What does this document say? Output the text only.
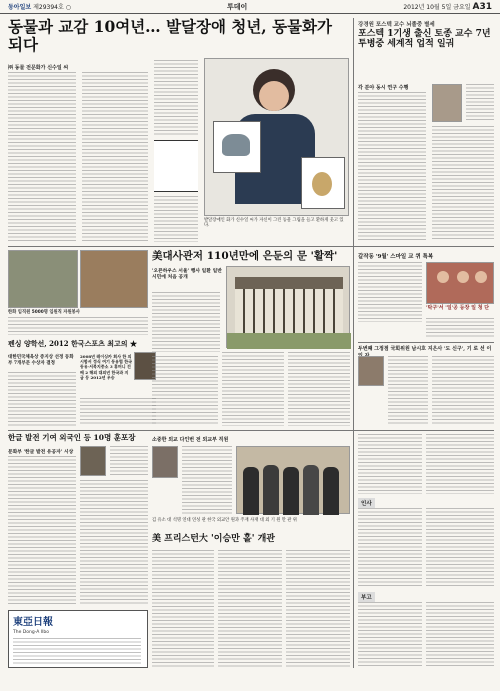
동아일보 제29394호 ○	투데이	2012년 10월 5일 금요일 A31
동물과 교감 10여년… 발달장애 청년, 동물화가 되다
㈜ 동물 전문화가 신수일 씨
발달장애인 화가 신수일 씨가 자신이 그린 동물 그림을 들고 환하게 웃고 있다.
강경원 포스텍 교수 뇌졸중 별세
포스텍 1기생 출신 토종 교수 7년 투병중 세계적 업적 일궈
각 분야 동시 연구 수행
한화 임직원 5000명 임원직 자원봉사
펜싱 양학선, 2012 한국스포츠 최고의 ★
대한민국체육상 증지상 선정 동화부 7개부문 수상자 결정
2008년 레이싱카 회사 한 의 시합서 정식 여기 동유럽 한국 동유·서북지중소 3 휴머니 건배 2 해외 대외년 한국과 지금 등 2012년 우승
美대사관저 110년만에 은둔의 문 '활짝'
'오픈하우스 서울' 행사 일환 일반 시민에 처음 공개
갈작동 '9월' 스마일 교 퀴 톡복
'탁구'서 '일'공 등장 일 청 단
두번째 그정점 국회위원 남시호 지은사 '도 신구', 기 로 선 이
한글 발전 기여 외국인 등 10명 훈포장
문화부 '한글 발전 유공자' 시상
소중한 외교 다인번 전 외교부 직원
김 유소 대 석명 연대 연성 관 한국 외교안 원과 주재 사재 대 외 기 원 만 관 위
美 프리스턴大 '이승만 홀' 개관
인사
부고
東亞日報
The Dong-A Ilbo
